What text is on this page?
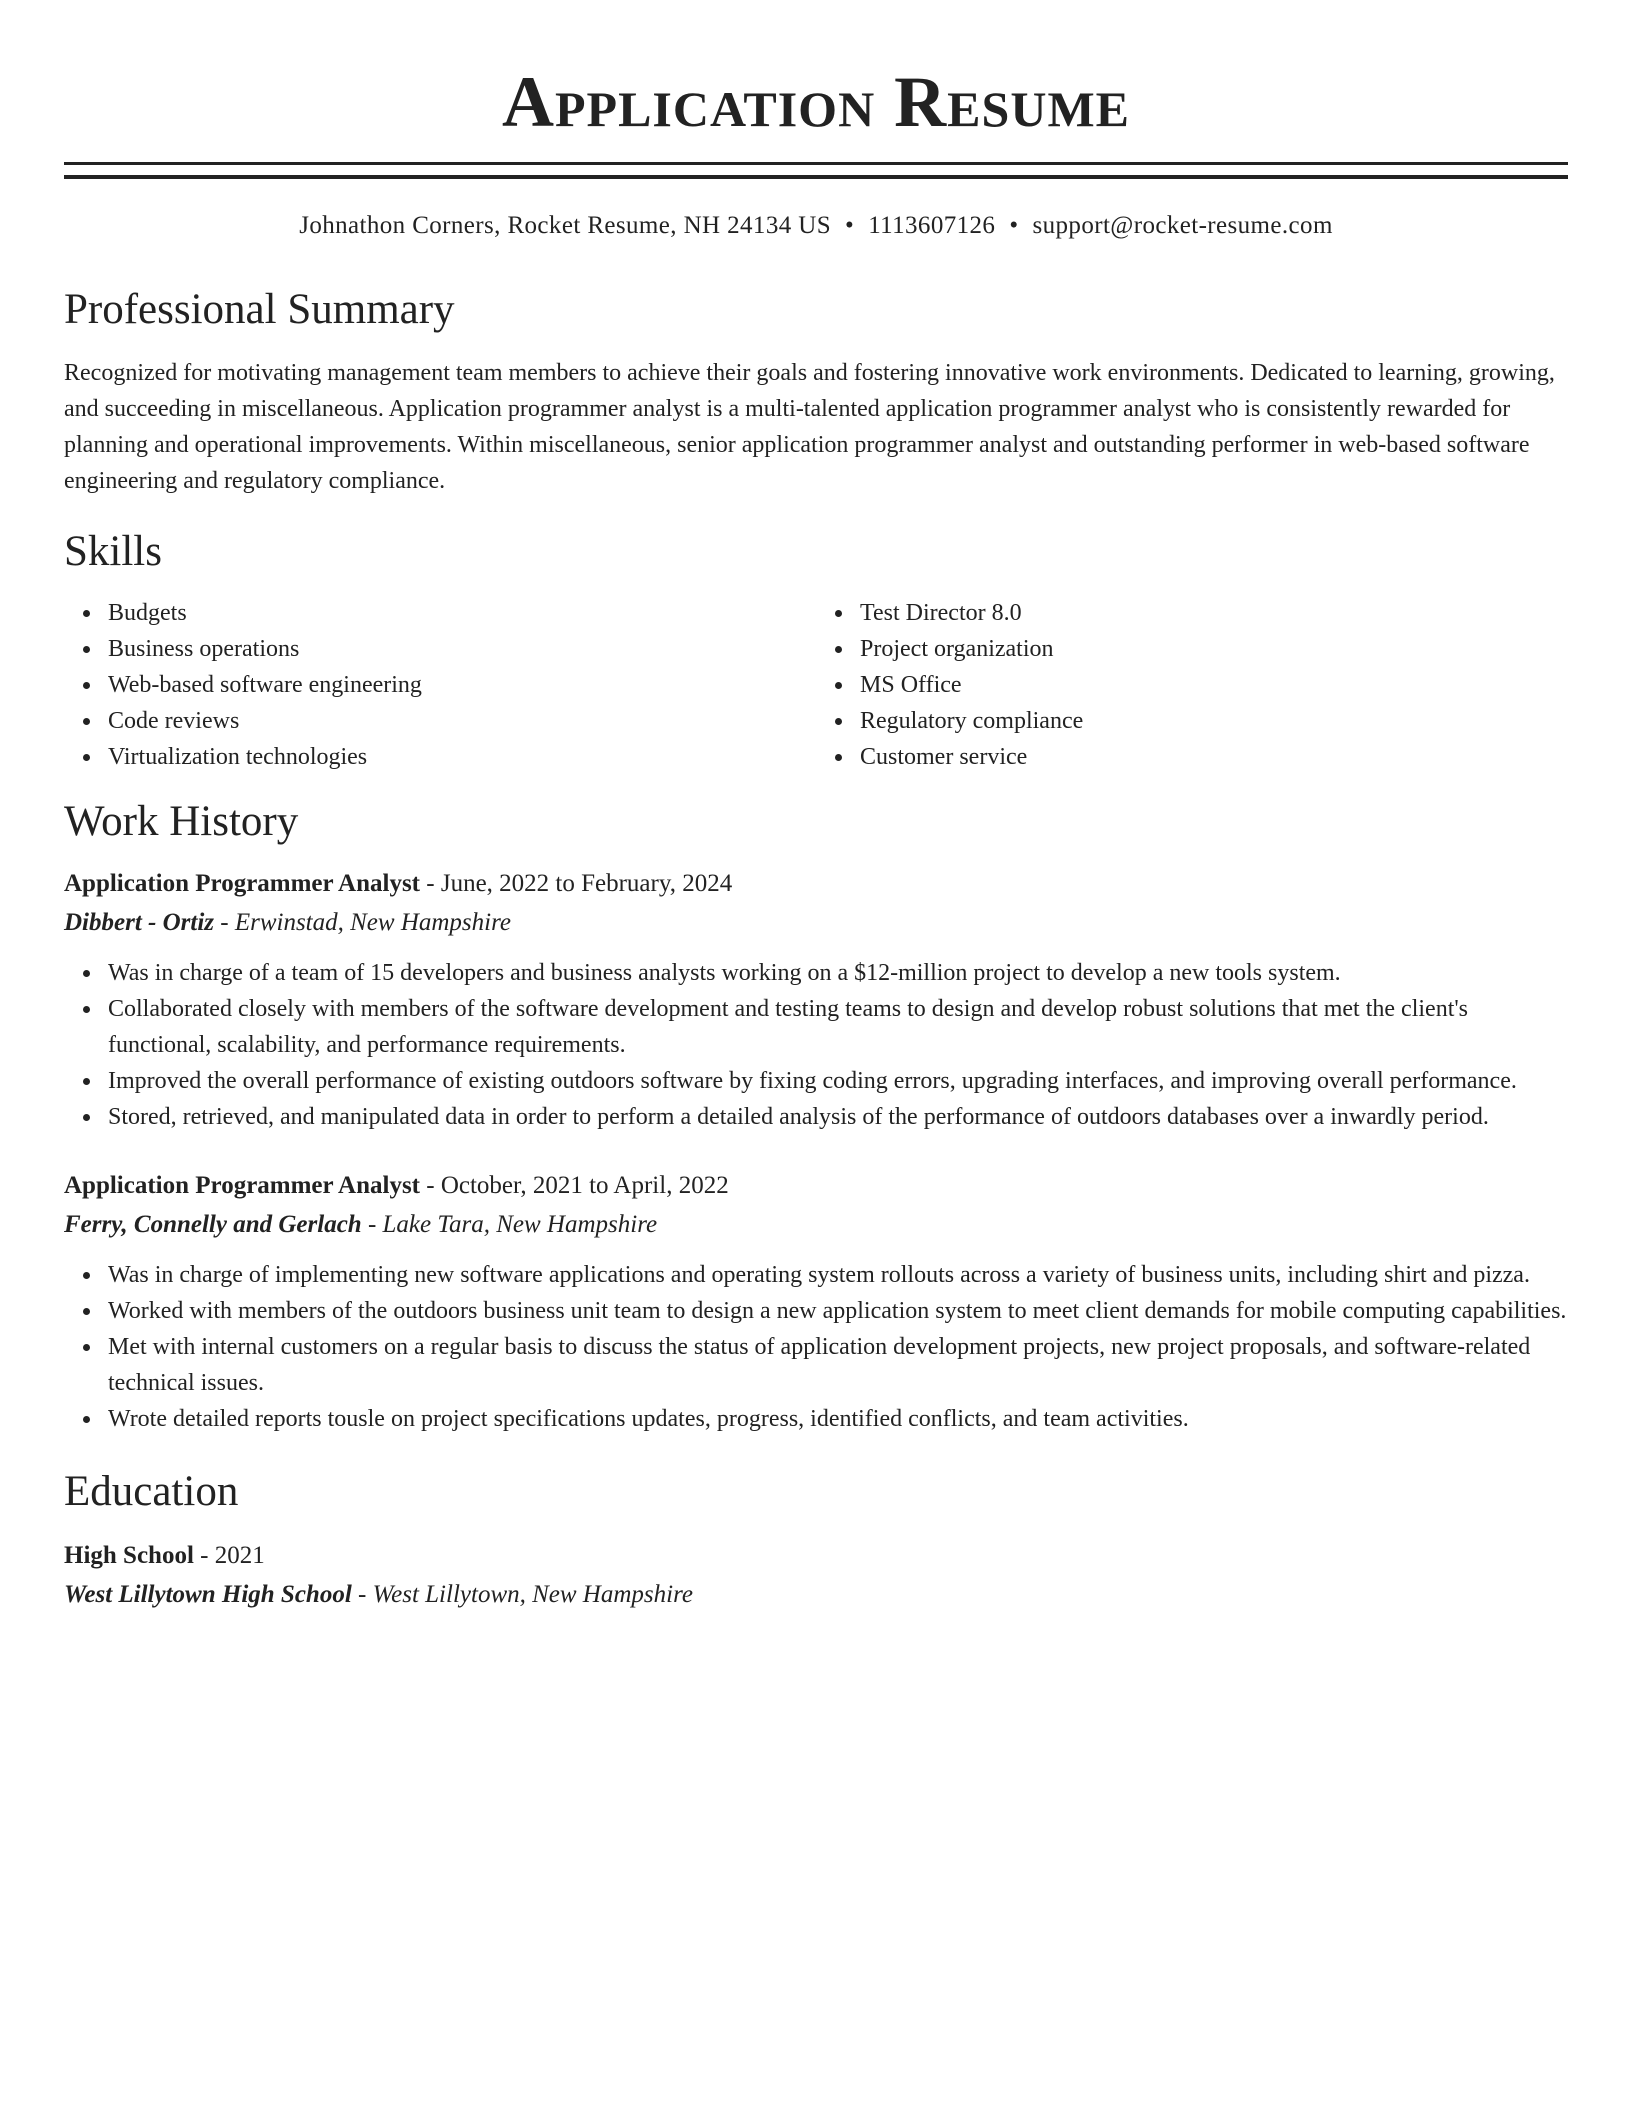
Application Resume
Johnathon Corners, Rocket Resume, NH 24134 US • 1113607126 • support@rocket-resume.com
Professional Summary
Recognized for motivating management team members to achieve their goals and fostering innovative work environments. Dedicated to learning, growing, and succeeding in miscellaneous. Application programmer analyst is a multi-talented application programmer analyst who is consistently rewarded for planning and operational improvements. Within miscellaneous, senior application programmer analyst and outstanding performer in web-based software engineering and regulatory compliance.
Skills
Budgets
Business operations
Web-based software engineering
Code reviews
Virtualization technologies
Test Director 8.0
Project organization
MS Office
Regulatory compliance
Customer service
Work History
Application Programmer Analyst - June, 2022 to February, 2024
Dibbert - Ortiz - Erwinstad, New Hampshire
Was in charge of a team of 15 developers and business analysts working on a $12-million project to develop a new tools system.
Collaborated closely with members of the software development and testing teams to design and develop robust solutions that met the client's functional, scalability, and performance requirements.
Improved the overall performance of existing outdoors software by fixing coding errors, upgrading interfaces, and improving overall performance.
Stored, retrieved, and manipulated data in order to perform a detailed analysis of the performance of outdoors databases over a inwardly period.
Application Programmer Analyst - October, 2021 to April, 2022
Ferry, Connelly and Gerlach - Lake Tara, New Hampshire
Was in charge of implementing new software applications and operating system rollouts across a variety of business units, including shirt and pizza.
Worked with members of the outdoors business unit team to design a new application system to meet client demands for mobile computing capabilities.
Met with internal customers on a regular basis to discuss the status of application development projects, new project proposals, and software-related technical issues.
Wrote detailed reports tousle on project specifications updates, progress, identified conflicts, and team activities.
Education
High School - 2021
West Lillytown High School - West Lillytown, New Hampshire
